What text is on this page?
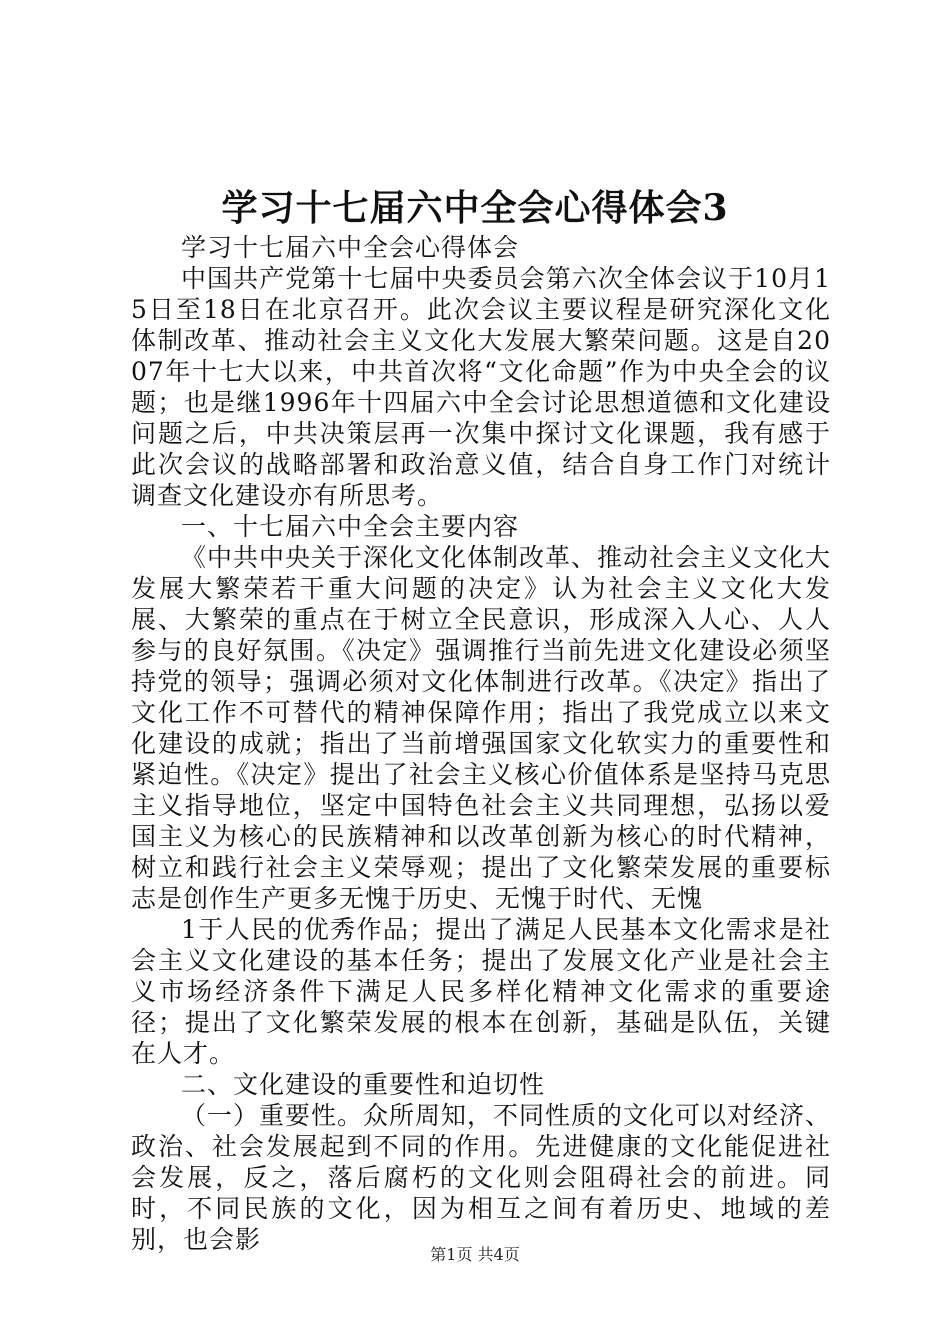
学习十七届六中全会心得体会3

学习十七届六中全会心得体会

中国共产党第十七届中央委员会第六次全体会议于10月15日至18日在北京召开。此次会议主要议程是研究深化文化体制改革、推动社会主义文化大发展大繁荣问题。这是自2007年十七大以来，中共首次将“文化命题”作为中央全会的议题；也是继1996年十四届六中全会讨论思想道德和文化建设问题之后，中共决策层再一次集中探讨文化课题，我有感于此次会议的战略部署和政治意义值，结合自身工作门对统计调查文化建设亦有所思考。

一、十七届六中全会主要内容

《中共中央关于深化文化体制改革、推动社会主义文化大发展大繁荣若干重大问题的决定》认为社会主义文化大发展、大繁荣的重点在于树立全民意识，形成深入人心、人人参与的良好氛围。《决定》强调推行当前先进文化建设必须坚持党的领导；强调必须对文化体制进行改革。《决定》指出了文化工作不可替代的精神保障作用；指出了我党成立以来文化建设的成就；指出了当前增强国家文化软实力的重要性和紧迫性。《决定》提出了社会主义核心价值体系是坚持马克思主义指导地位，坚定中国特色社会主义共同理想，弘扬以爱国主义为核心的民族精神和以改革创新为核心的时代精神，树立和践行社会主义荣辱观；提出了文化繁荣发展的重要标志是创作生产更多无愧于历史、无愧于时代、无愧

1于人民的优秀作品；提出了满足人民基本文化需求是社会主义文化建设的基本任务；提出了发展文化产业是社会主义市场经济条件下满足人民多样化精神文化需求的重要途径；提出了文化繁荣发展的根本在创新，基础是队伍，关键在人才。

二、文化建设的重要性和迫切性

（一）重要性。众所周知，不同性质的文化可以对经济、政治、社会发展起到不同的作用。先进健康的文化能促进社会发展，反之，落后腐朽的文化则会阻碍社会的前进。同时，不同民族的文化，因为相互之间有着历史、地域的差别，也会影

第1页 共4页
